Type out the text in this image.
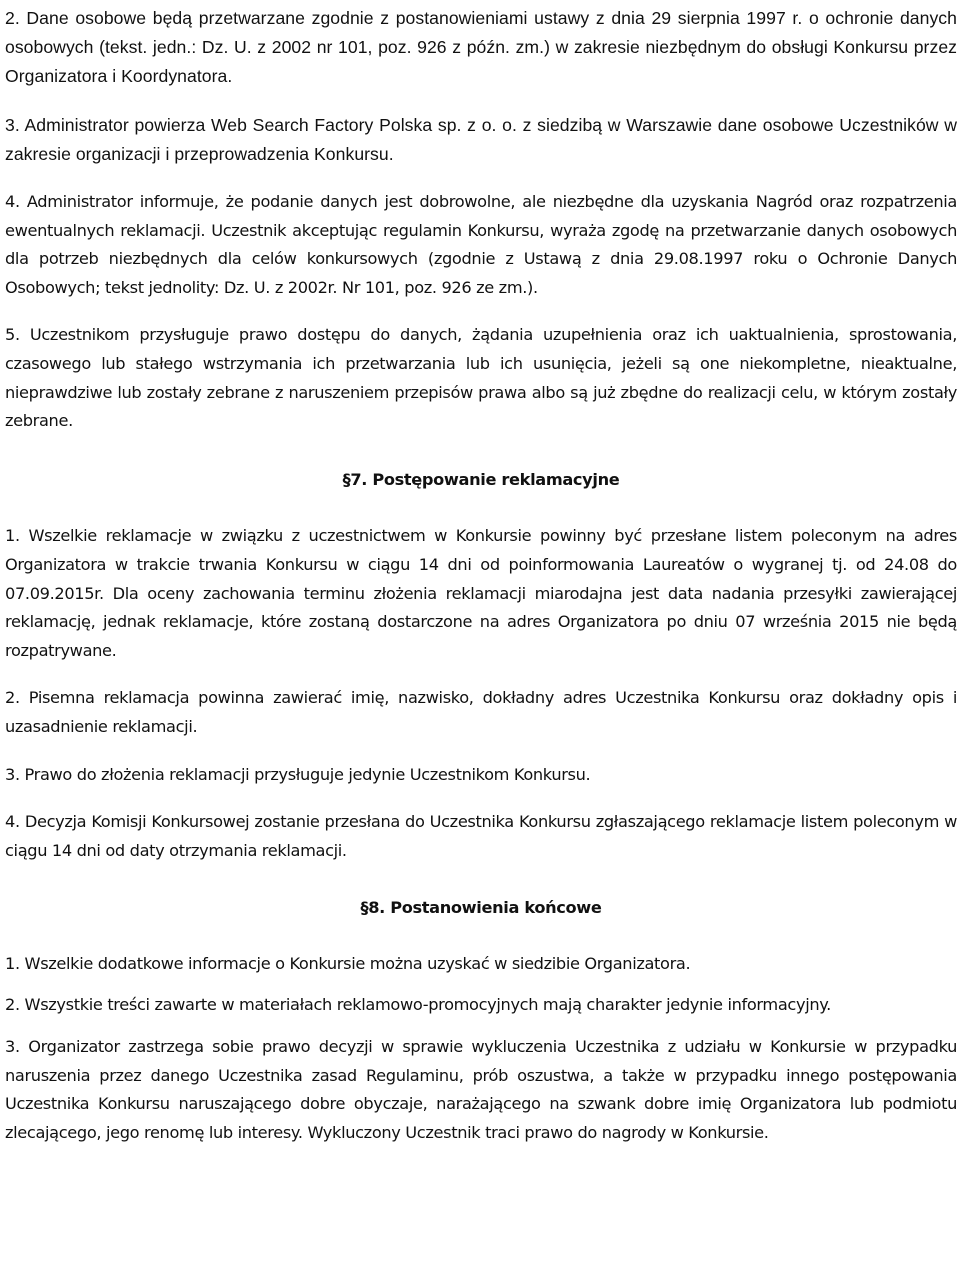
2. Dane osobowe będą przetwarzane zgodnie z postanowieniami ustawy z dnia 29 sierpnia 1997 r. o ochronie danych osobowych (tekst. jedn.: Dz. U. z 2002 nr 101, poz. 926 z późn. zm.) w zakresie niezbędnym do obsługi Konkursu przez Organizatora i Koordynatora.

3. Administrator powierza Web Search Factory Polska sp. z o. o. z siedzibą w Warszawie dane osobowe Uczestników w zakresie organizacji i przeprowadzenia Konkursu.

4. Administrator informuje, że podanie danych jest dobrowolne, ale niezbędne dla uzyskania Nagród oraz rozpatrzenia ewentualnych reklamacji. Uczestnik akceptując regulamin Konkursu, wyraża zgodę na przetwarzanie danych osobowych dla potrzeb niezbędnych dla celów konkursowych (zgodnie z Ustawą z dnia 29.08.1997 roku o Ochronie Danych Osobowych; tekst jednolity: Dz. U. z 2002r. Nr 101, poz. 926 ze zm.).

5. Uczestnikom przysługuje prawo dostępu do danych, żądania uzupełnienia oraz ich uaktualnienia, sprostowania, czasowego lub stałego wstrzymania ich przetwarzania lub ich usunięcia, jeżeli są one niekompletne, nieaktualne, nieprawdziwe lub zostały zebrane z naruszeniem przepisów prawa albo są już zbędne do realizacji celu, w którym zostały zebrane.

§7. Postępowanie reklamacyjne

1. Wszelkie reklamacje w związku z uczestnictwem w Konkursie powinny być przesłane listem poleconym na adres Organizatora w trakcie trwania Konkursu w ciągu 14 dni od poinformowania Laureatów o wygranej tj. od 24.08 do 07.09.2015r. Dla oceny zachowania terminu złożenia reklamacji miarodajna jest data nadania przesyłki zawierającej reklamację, jednak reklamacje, które zostaną dostarczone na adres Organizatora po dniu 07 września 2015 nie będą rozpatrywane.

2. Pisemna reklamacja powinna zawierać imię, nazwisko, dokładny adres Uczestnika Konkursu oraz dokładny opis i uzasadnienie reklamacji.

3. Prawo do złożenia reklamacji przysługuje jedynie Uczestnikom Konkursu.

4. Decyzja Komisji Konkursowej zostanie przesłana do Uczestnika Konkursu zgłaszającego reklamacje listem poleconym w ciągu 14 dni od daty otrzymania reklamacji.

§8. Postanowienia końcowe

1. Wszelkie dodatkowe informacje o Konkursie można uzyskać w siedzibie Organizatora.

2. Wszystkie treści zawarte w materiałach reklamowo-promocyjnych mają charakter jedynie informacyjny.

3. Organizator zastrzega sobie prawo decyzji w sprawie wykluczenia Uczestnika z udziału w Konkursie w przypadku naruszenia przez danego Uczestnika zasad Regulaminu, prób oszustwa, a także w przypadku innego postępowania Uczestnika Konkursu naruszającego dobre obyczaje, narażającego na szwank dobre imię Organizatora lub podmiotu zlecającego, jego renomę lub interesy. Wykluczony Uczestnik traci prawo do nagrody w Konkursie.
